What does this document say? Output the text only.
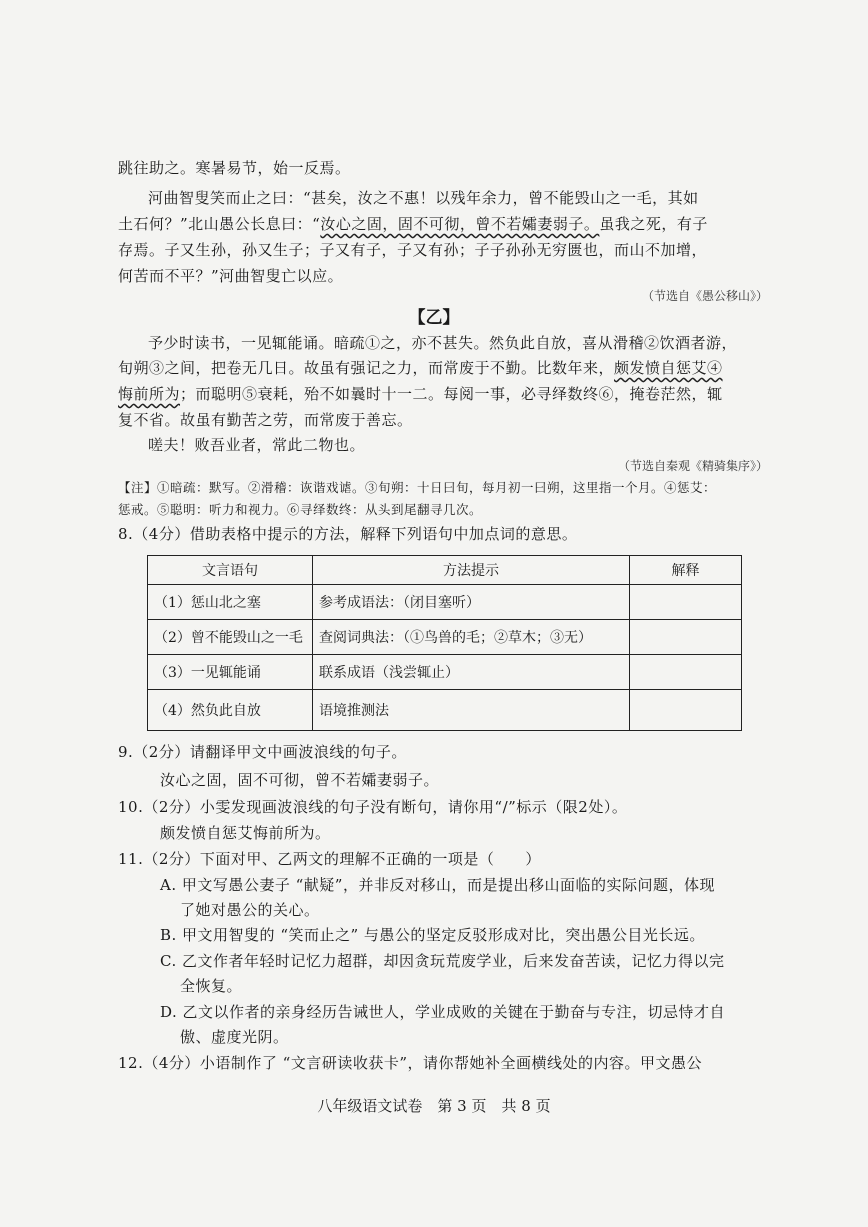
跳往助之。寒暑易节，始一反焉。
河曲智叟笑而止之曰：“甚矣，汝之不惠！以残年余力，曾不能毁山之一毛，其如
土石何？”北山愚公长息曰：“汝心之固，固不可彻，曾不若孀妻弱子。虽我之死，有子
存焉。子又生孙，孙又生子；子又有子，子又有孙；子子孙孙无穷匮也，而山不加增，
何苦而不平？”河曲智叟亡以应。
（节选自《愚公移山》）
【乙】
予少时读书，一见辄能诵。暗疏①之，亦不甚失。然负此自放，喜从滑稽②饮酒者游，
旬朔③之间，把卷无几日。故虽有强记之力，而常废于不勤。比数年来，颇发愤自惩艾④
悔前所为；而聪明⑤衰耗，殆不如曩时十一二。每阅一事，必寻绎数终⑥，掩卷茫然，辄
复不省。故虽有勤苦之劳，而常废于善忘。
嗟夫！败吾业者，常此二物也。
（节选自秦观《精骑集序》）
【注】①暗疏：默写。②滑稽：诙谐戏谑。③旬朔：十日曰旬，每月初一曰朔，这里指一个月。④惩艾：
惩戒。⑤聪明：听力和视力。⑥寻绎数终：从头到尾翻寻几次。
8.（4分）借助表格中提示的方法，解释下列语句中加点词的意思。
文言语句	方法提示	解释
（1）惩山北之塞	参考成语法：（闭目塞听）	
（2）曾不能毁山之一毛	查阅词典法：（①鸟兽的毛；②草木；③无）	
（3）一见辄能诵	联系成语（浅尝辄止）	
（4）然负此自放	语境推测法	
9.（2分）请翻译甲文中画波浪线的句子。
汝心之固，固不可彻，曾不若孀妻弱子。
10.（2分）小雯发现画波浪线的句子没有断句，请你用“/”标示（限2处）。
颇发愤自惩艾悔前所为。
11.（2分）下面对甲、乙两文的理解不正确的一项是（　　）
A. 甲文写愚公妻子 “献疑”，并非反对移山，而是提出移山面临的实际问题，体现
了她对愚公的关心。
B. 甲文用智叟的 “笑而止之” 与愚公的坚定反驳形成对比，突出愚公目光长远。
C. 乙文作者年轻时记忆力超群，却因贪玩荒废学业，后来发奋苦读，记忆力得以完
全恢复。
D. 乙文以作者的亲身经历告诫世人，学业成败的关键在于勤奋与专注，切忌恃才自
傲、虚度光阴。
12.（4分）小语制作了 “文言研读收获卡”，请你帮她补全画横线处的内容。甲文愚公
八年级语文试卷　第 3 页　共 8 页
